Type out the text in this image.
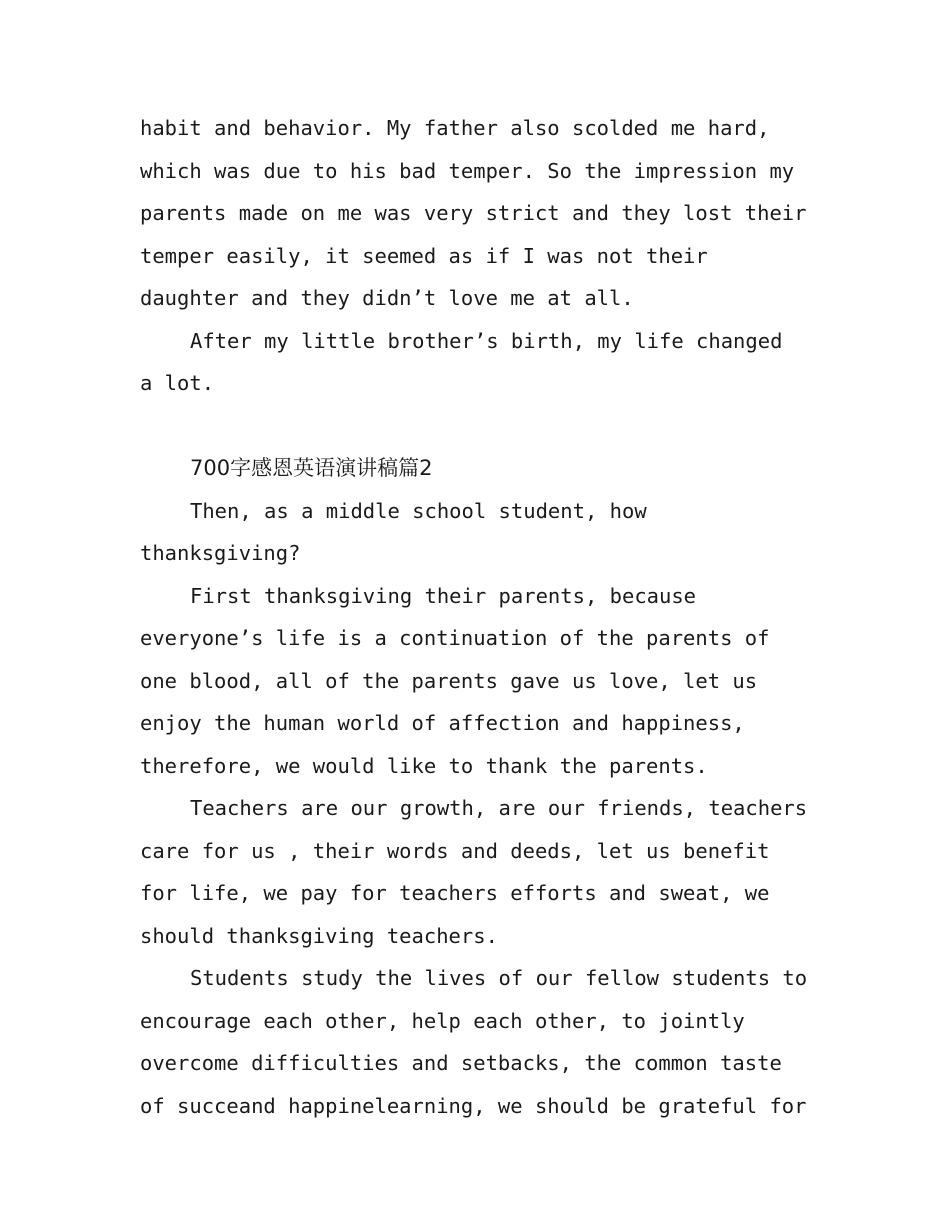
habit and behavior. My father also scolded me hard,
which was due to his bad temper. So the impression my
parents made on me was very strict and they lost their
temper easily, it seemed as if I was not their
daughter and they didn’t love me at all.
After my little brother’s birth, my life changed
a lot.
700字感恩英语演讲稿篇2
Then, as a middle school student, how
thanksgiving?
First thanksgiving their parents, because
everyone’s life is a continuation of the parents of
one blood, all of the parents gave us love, let us
enjoy the human world of affection and happiness,
therefore, we would like to thank the parents.
Teachers are our growth, are our friends, teachers
care for us , their words and deeds, let us benefit
for life, we pay for teachers efforts and sweat, we
should thanksgiving teachers.
Students study the lives of our fellow students to
encourage each other, help each other, to jointly
overcome difficulties and setbacks, the common taste
of succeand happinelearning, we should be grateful for
